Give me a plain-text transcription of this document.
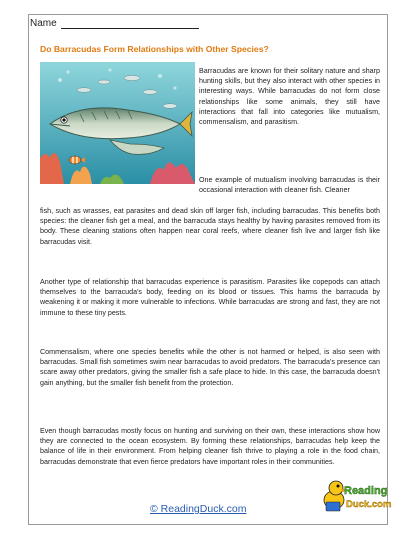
Name
Do Barracudas Form Relationships with Other Species?

Barracudas are known for their solitary nature and sharp hunting skills, but they also interact with other species in interesting ways. While barracudas do not form close relationships like some animals, they still have interactions that fall into categories like mutualism, commensalism, and parasitism.

One example of mutualism involving barracudas is their occasional interaction with cleaner fish. Cleaner

fish, such as wrasses, eat parasites and dead skin off larger fish, including barracudas. This benefits both species: the cleaner fish get a meal, and the barracuda stays healthy by having parasites removed from its body. These cleaning stations often happen near coral reefs, where cleaner fish live and larger fish like barracudas visit.

Another type of relationship that barracudas experience is parasitism. Parasites like copepods can attach themselves to the barracuda's body, feeding on its blood or tissues. This harms the barracuda by weakening it or making it more vulnerable to infections. While barracudas are strong and fast, they are not immune to these tiny pests.

Commensalism, where one species benefits while the other is not harmed or helped, is also seen with barracudas. Small fish sometimes swim near barracudas to avoid predators. The barracuda's presence can scare away other predators, giving the smaller fish a safe place to hide. In this case, the barracuda doesn't gain anything, but the smaller fish benefit from the protection.

Even though barracudas mostly focus on hunting and surviving on their own, these interactions show how they are connected to the ocean ecosystem. By forming these relationships, barracudas help keep the balance of life in their environment. From helping cleaner fish thrive to playing a role in the food chain, barracudas demonstrate that even fierce predators have important roles in their communities.

© ReadingDuck.com
Reading
Duck.com
